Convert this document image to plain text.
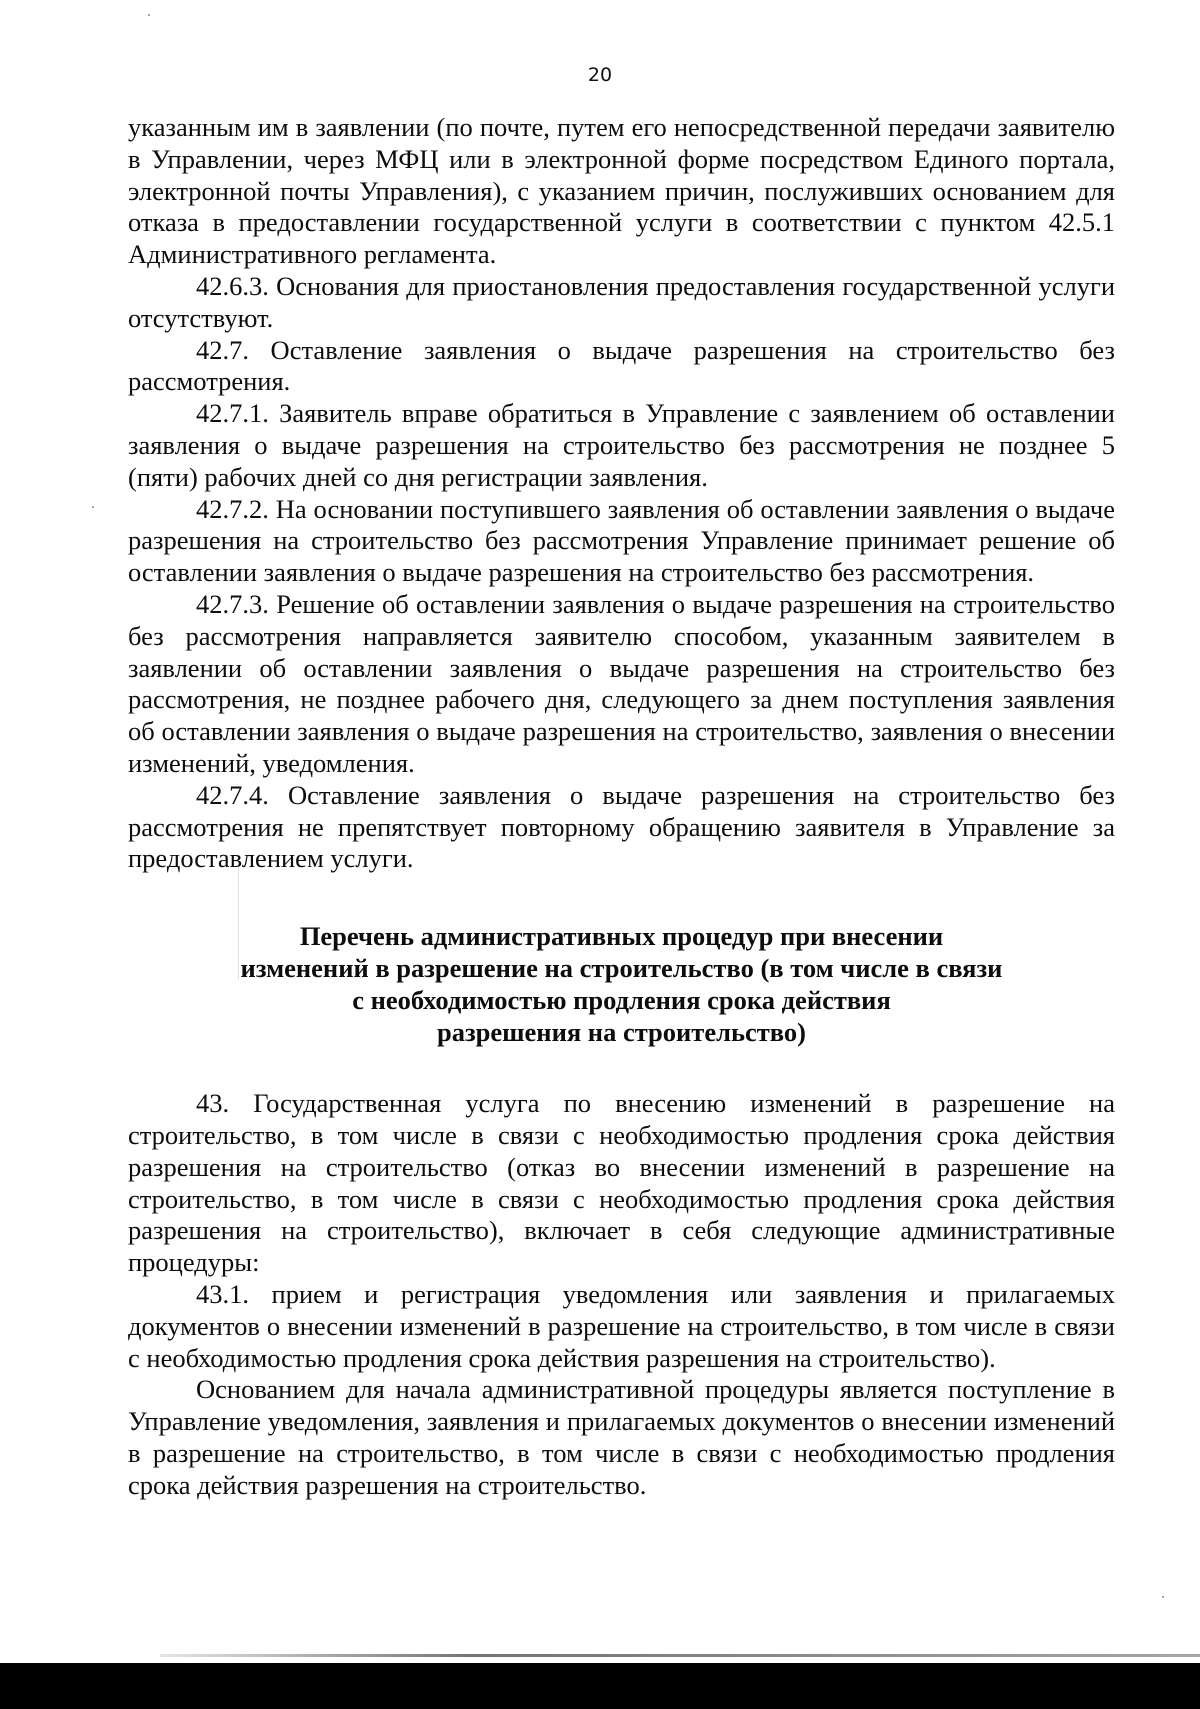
20

указанным им в заявлении (по почте, путем его непосредственной передачи заявителю в Управлении, через МФЦ или в электронной форме посредством Единого портала, электронной почты Управления), с указанием причин, послуживших основанием для отказа в предоставлении государственной услуги в соответствии с пунктом 42.5.1 Административного регламента.

42.6.3. Основания для приостановления предоставления государственной услуги отсутствуют.

42.7. Оставление заявления о выдаче разрешения на строительство без рассмотрения.

42.7.1. Заявитель вправе обратиться в Управление с заявлением об оставлении заявления о выдаче разрешения на строительство без рассмотрения не позднее 5 (пяти) рабочих дней со дня регистрации заявления.

42.7.2. На основании поступившего заявления об оставлении заявления о выдаче разрешения на строительство без рассмотрения Управление принимает решение об оставлении заявления о выдаче разрешения на строительство без рассмотрения.

42.7.3. Решение об оставлении заявления о выдаче разрешения на строительство без рассмотрения направляется заявителю способом, указанным заявителем в заявлении об оставлении заявления о выдаче разрешения на строительство без рассмотрения, не позднее рабочего дня, следующего за днем поступления заявления об оставлении заявления о выдаче разрешения на строительство, заявления о внесении изменений, уведомления.

42.7.4. Оставление заявления о выдаче разрешения на строительство без рассмотрения не препятствует повторному обращению заявителя в Управление за предоставлением услуги.

Перечень административных процедур при внесении
изменений в разрешение на строительство (в том числе в связи
с необходимостью продления срока действия
разрешения на строительство)

43. Государственная услуга по внесению изменений в разрешение на строительство, в том числе в связи с необходимостью продления срока действия разрешения на строительство (отказ во внесении изменений в разрешение на строительство, в том числе в связи с необходимостью продления срока действия разрешения на строительство), включает в себя следующие административные процедуры:

43.1. прием и регистрация уведомления или заявления и прилагаемых документов о внесении изменений в разрешение на строительство, в том числе в связи с необходимостью продления срока действия разрешения на строительство).

Основанием для начала административной процедуры является поступление в Управление уведомления, заявления и прилагаемых документов о внесении изменений в разрешение на строительство, в том числе в связи с необходимостью продления срока действия разрешения на строительство.
